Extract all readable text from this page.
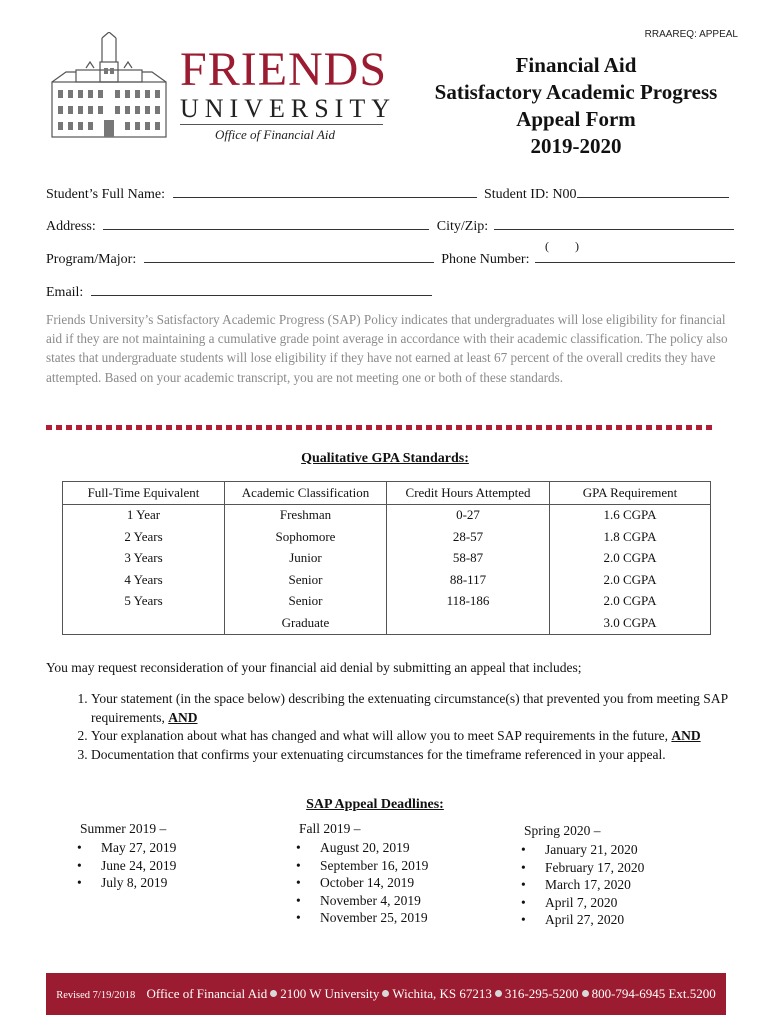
RRAAREQ: APPEAL
FRIENDS
UNIVERSITY
Office of Financial Aid
Financial Aid
Satisfactory Academic Progress
Appeal Form
2019-2020
Student’s Full Name:	Student ID: N00
Address:	City/Zip:
Program/Major:	Phone Number:
( )
Email:
Friends University’s Satisfactory Academic Progress (SAP) Policy indicates that undergraduates will lose eligibility for financial aid if they are not maintaining a cumulative grade point average in accordance with their academic classification. The policy also states that undergraduate students will lose eligibility if they have not earned at least 67 percent of the overall credits they have attempted. Based on your academic transcript, you are not meeting one or both of these standards.
Qualitative GPA Standards:
Full-Time Equivalent	Academic Classification	Credit Hours Attempted	GPA Requirement
1 Year	Freshman	0-27	1.6 CGPA
2 Years	Sophomore	28-57	1.8 CGPA
3 Years	Junior	58-87	2.0 CGPA
4 Years	Senior	88-117	2.0 CGPA
5 Years	Senior	118-186	2.0 CGPA
	Graduate		3.0 CGPA
You may request reconsideration of your financial aid denial by submitting an appeal that includes;
1. Your statement (in the space below) describing the extenuating circumstance(s) that prevented you from meeting SAP requirements, AND
2. Your explanation about what has changed and what will allow you to meet SAP requirements in the future, AND
3. Documentation that confirms your extenuating circumstances for the timeframe referenced in your appeal.
SAP Appeal Deadlines:
Summer 2019 –
• May 27, 2019
• June 24, 2019
• July 8, 2019
Fall 2019 –
• August 20, 2019
• September 16, 2019
• October 14, 2019
• November 4, 2019
• November 25, 2019
Spring 2020 –
• January 21, 2020
• February 17, 2020
• March 17, 2020
• April 7, 2020
• April 27, 2020
Revised 7/19/2018 Office of Financial Aid 2100 W University Wichita, KS 67213 316-295-5200 800-794-6945 Ext.5200
